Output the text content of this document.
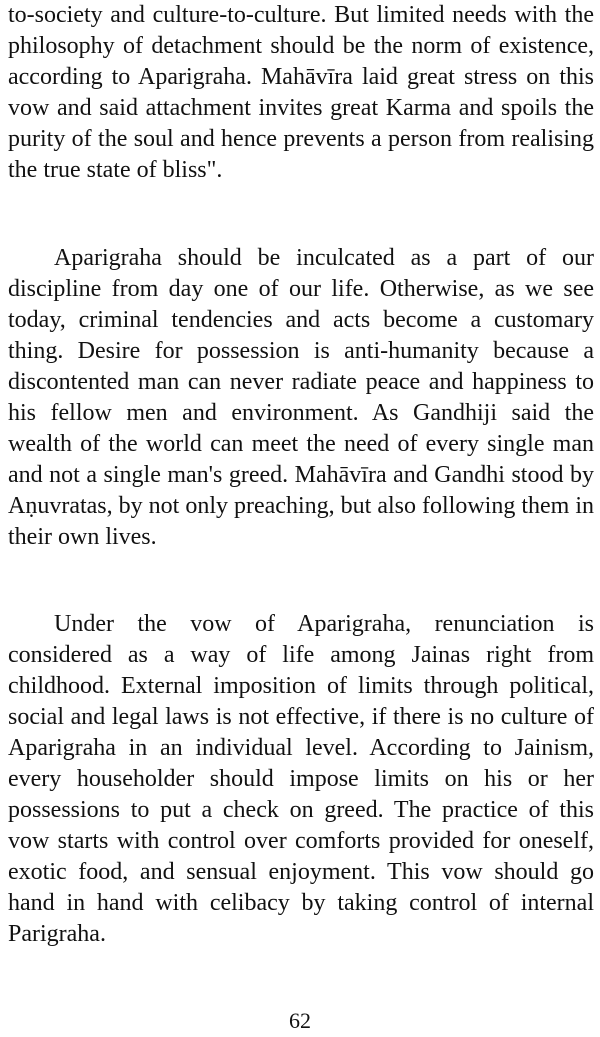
to-society and culture-to-culture. But limited needs with the philosophy of detachment should be the norm of existence, according to Aparigraha. Mahāvīra laid great stress on this vow and said attachment invites great Karma and spoils the purity of the soul and hence prevents a person from realising the true state of bliss".

Aparigraha should be inculcated as a part of our discipline from day one of our life. Otherwise, as we see today, criminal tendencies and acts become a customary thing. Desire for possession is anti-humanity because a discontented man can never radiate peace and happiness to his fellow men and environment. As Gandhiji said the wealth of the world can meet the need of every single man and not a single man's greed. Mahāvīra and Gandhi stood by Aṇuvratas, by not only preaching, but also following them in their own lives.

Under the vow of Aparigraha, renunciation is considered as a way of life among Jainas right from childhood. External imposition of limits through political, social and legal laws is not effective, if there is no culture of Aparigraha in an individual level. According to Jainism, every householder should impose limits on his or her possessions to put a check on greed. The practice of this vow starts with control over comforts provided for oneself, exotic food, and sensual enjoyment. This vow should go hand in hand with celibacy by taking control of internal Parigraha.

62
